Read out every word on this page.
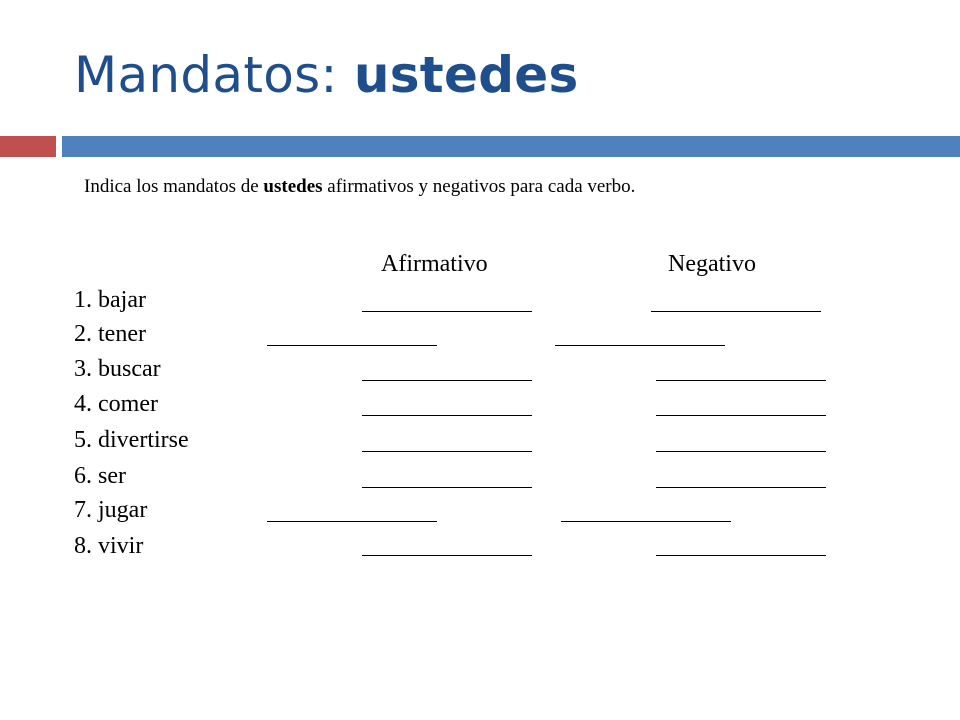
Mandatos: ustedes
Indica los mandatos de ustedes afirmativos y negativos para cada verbo.
Afirmativo	Negativo
1. bajar
2. tener
3. buscar
4. comer
5. divertirse
6. ser
7. jugar
8. vivir
